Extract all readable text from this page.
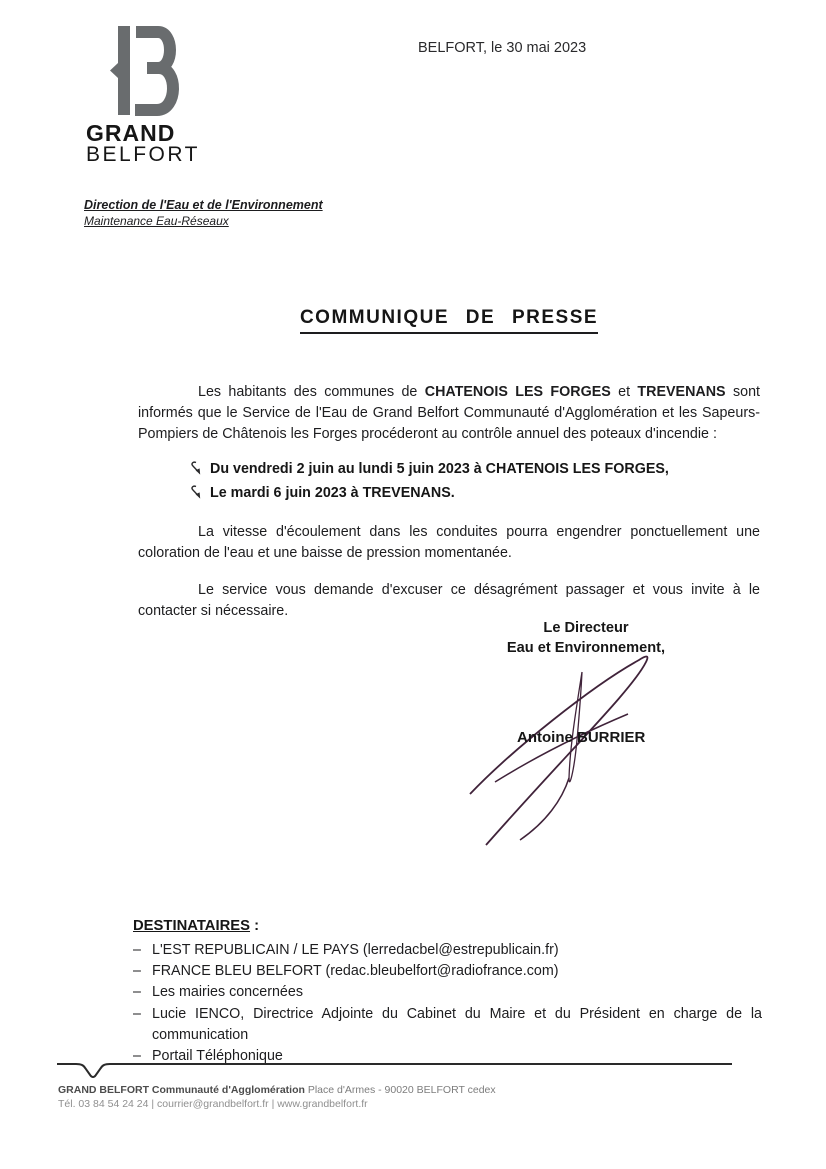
GRAND
BELFORT
BELFORT, le 30 mai 2023
Direction de l'Eau et de l'Environnement
Maintenance Eau-Réseaux
COMMUNIQUE DE PRESSE

Les habitants des communes de CHATENOIS LES FORGES et TREVENANS sont informés que le Service de l'Eau de Grand Belfort Communauté d'Agglomération et les Sapeurs-Pompiers de Châtenois les Forges procéderont au contrôle annuel des poteaux d'incendie :

Du vendredi 2 juin au lundi 5 juin 2023 à CHATENOIS LES FORGES,
Le mardi 6 juin 2023 à TREVENANS.

La vitesse d'écoulement dans les conduites pourra engendrer ponctuellement une coloration de l'eau et une baisse de pression momentanée.

Le service vous demande d'excuser ce désagrément passager et vous invite à le contacter si nécessaire.

Le Directeur
Eau et Environnement,
Antoine BURRIER
DESTINATAIRES :
– L'EST REPUBLICAIN / LE PAYS (lerredacbel@estrepublicain.fr)
– FRANCE BLEU BELFORT (redac.bleubelfort@radiofrance.com)
– Les mairies concernées
– Lucie IENCO, Directrice Adjointe du Cabinet du Maire et du Président en charge de la communication
– Portail Téléphonique
GRAND BELFORT Communauté d'Agglomération Place d'Armes - 90020 BELFORT cedex
Tél. 03 84 54 24 24 | courrier@grandbelfort.fr | www.grandbelfort.fr
